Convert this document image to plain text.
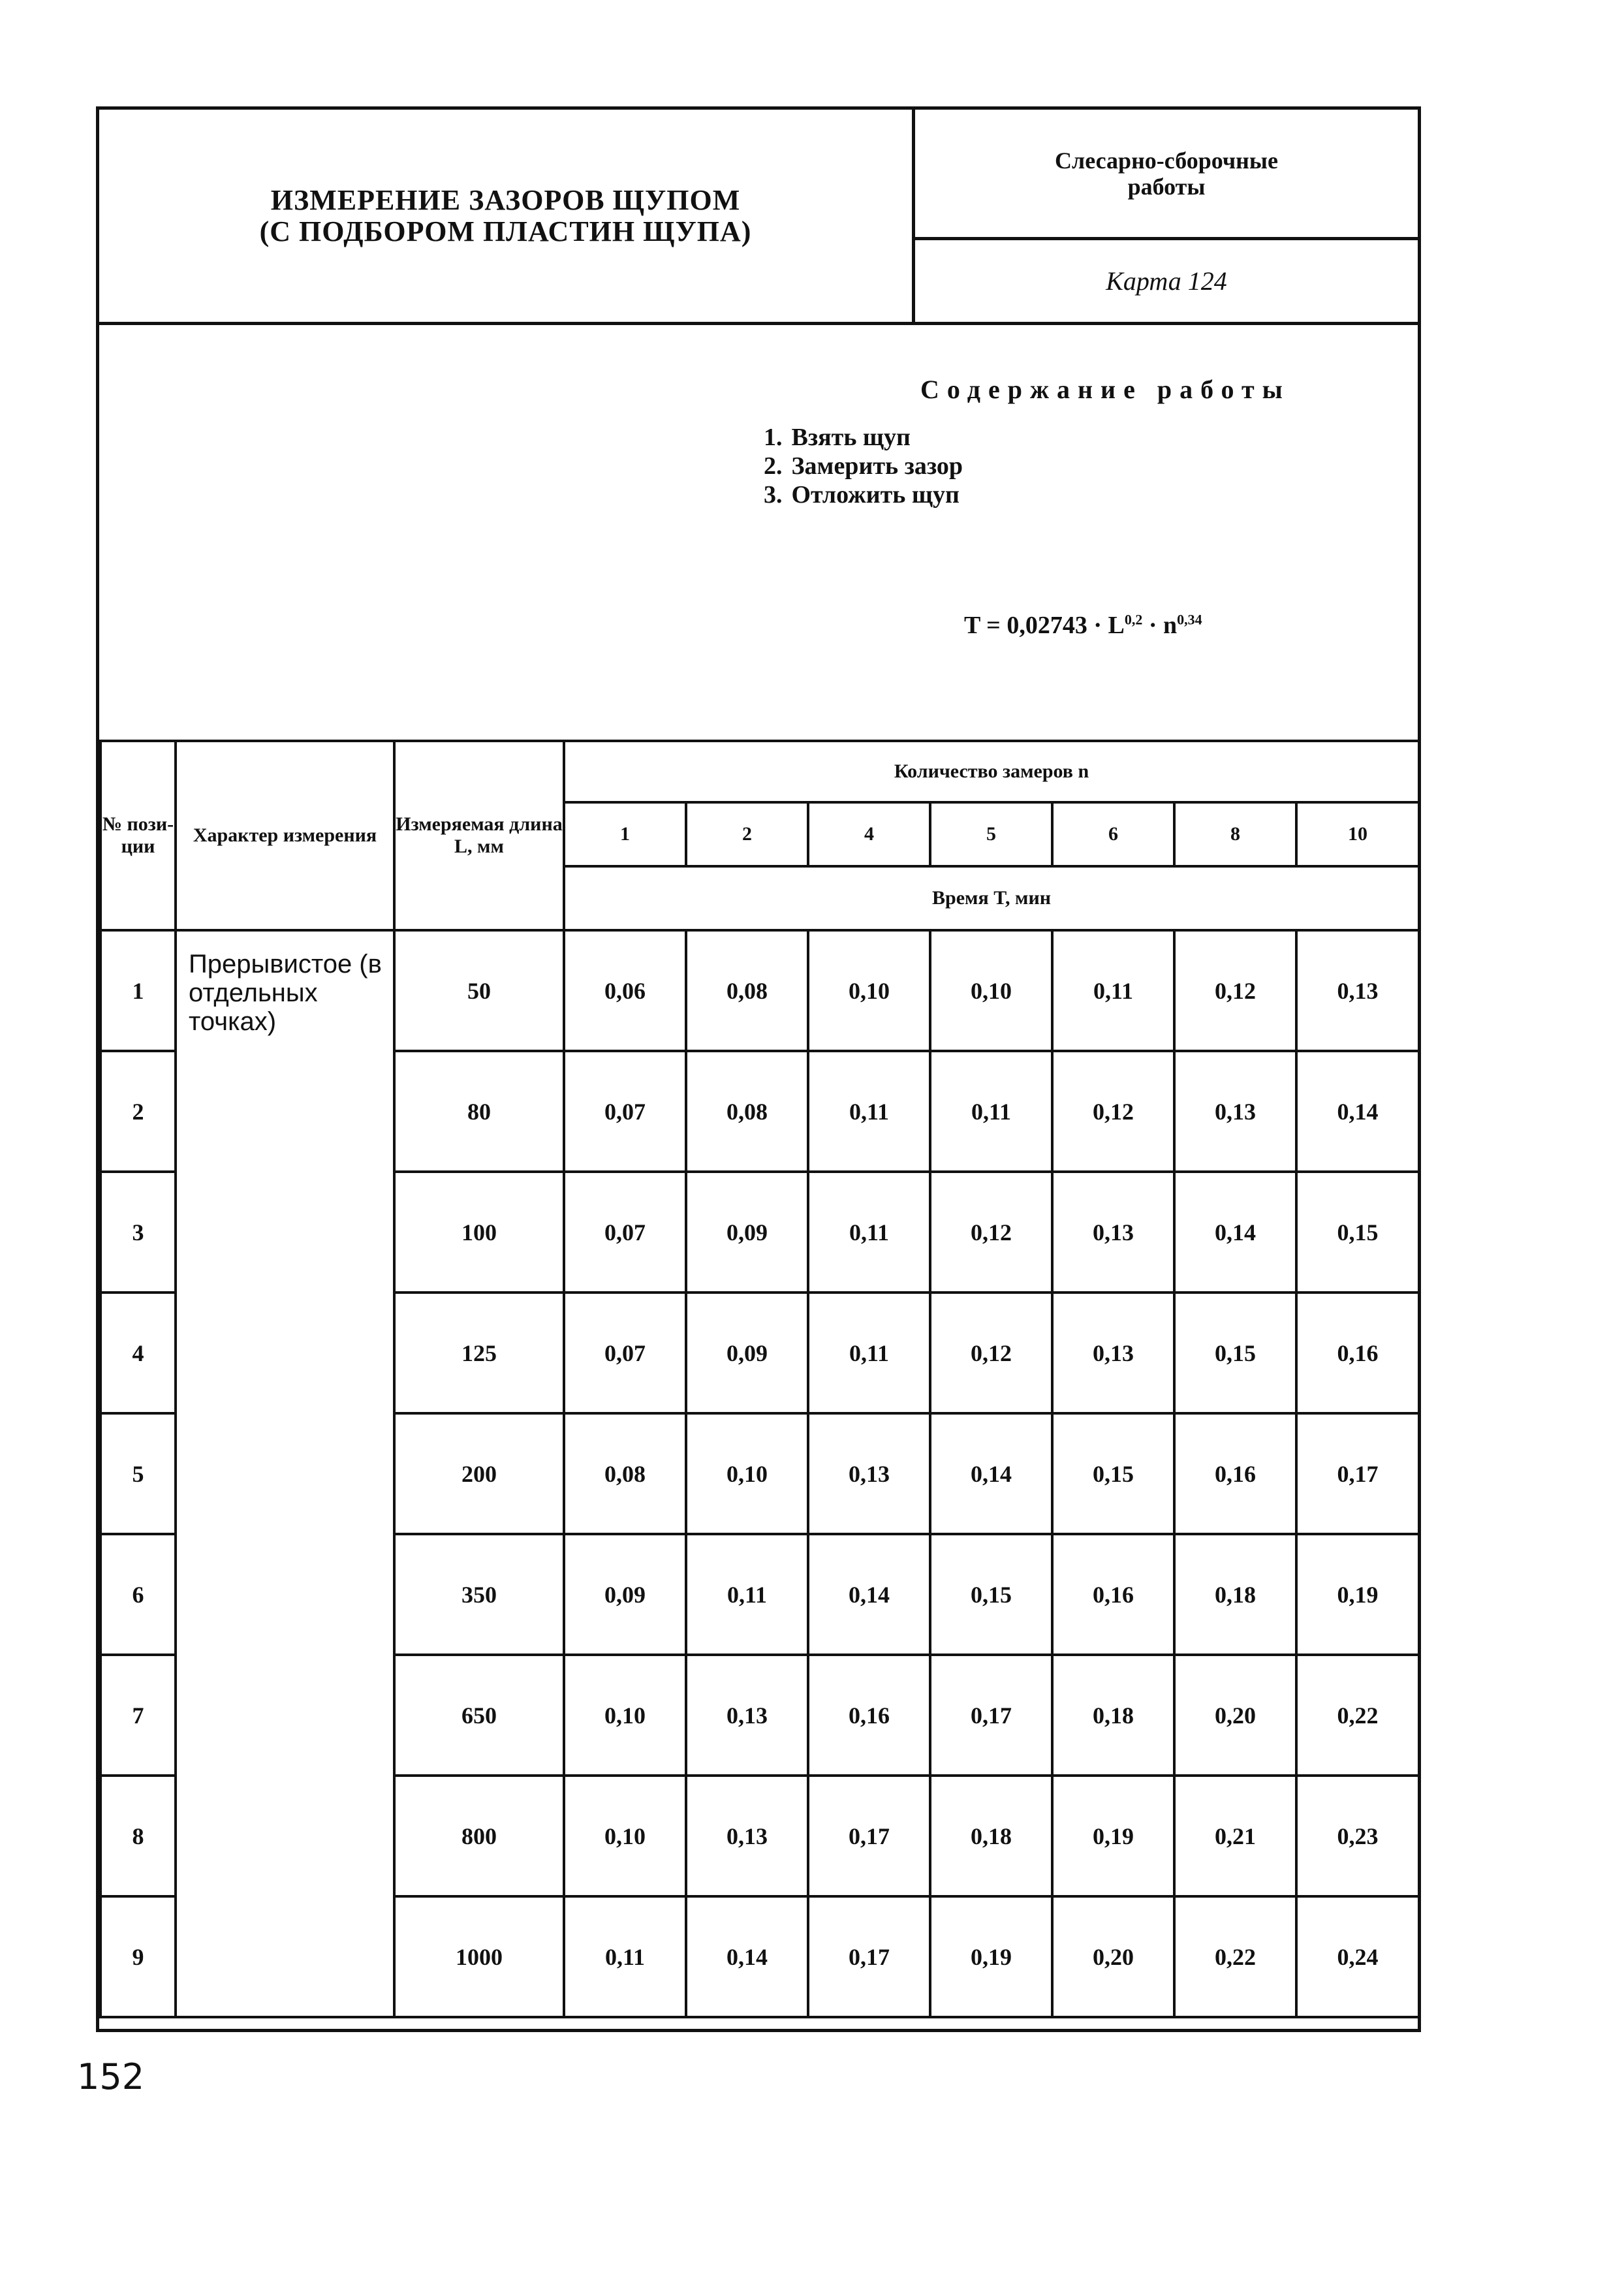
ИЗМЕРЕНИЕ ЗАЗОРОВ ЩУПОМ
(С ПОДБОРОМ ПЛАСТИН ЩУПА)
Слесарно-сборочные
работы
Карта 124
Содержание работы
1. Взять щуп
2. Замерить зазор
3. Отложить щуп
$T = 0,02743 \cdot L^{0,2} \cdot n^{0,34}$
№ пози-ции	Характер измерения	Измеряемая длина L, мм	Количество замеров n						
			1	2	4	5	6	8	10
			Время T, мин						
1	Прерывистое (в отдельных точках)	50	0,06	0,08	0,10	0,10	0,11	0,12	0,13
2		80	0,07	0,08	0,11	0,11	0,12	0,13	0,14
3		100	0,07	0,09	0,11	0,12	0,13	0,14	0,15
4		125	0,07	0,09	0,11	0,12	0,13	0,15	0,16
5		200	0,08	0,10	0,13	0,14	0,15	0,16	0,17
6		350	0,09	0,11	0,14	0,15	0,16	0,18	0,19
7		650	0,10	0,13	0,16	0,17	0,18	0,20	0,22
8		800	0,10	0,13	0,17	0,18	0,19	0,21	0,23
9		1000	0,11	0,14	0,17	0,19	0,20	0,22	0,24
152
